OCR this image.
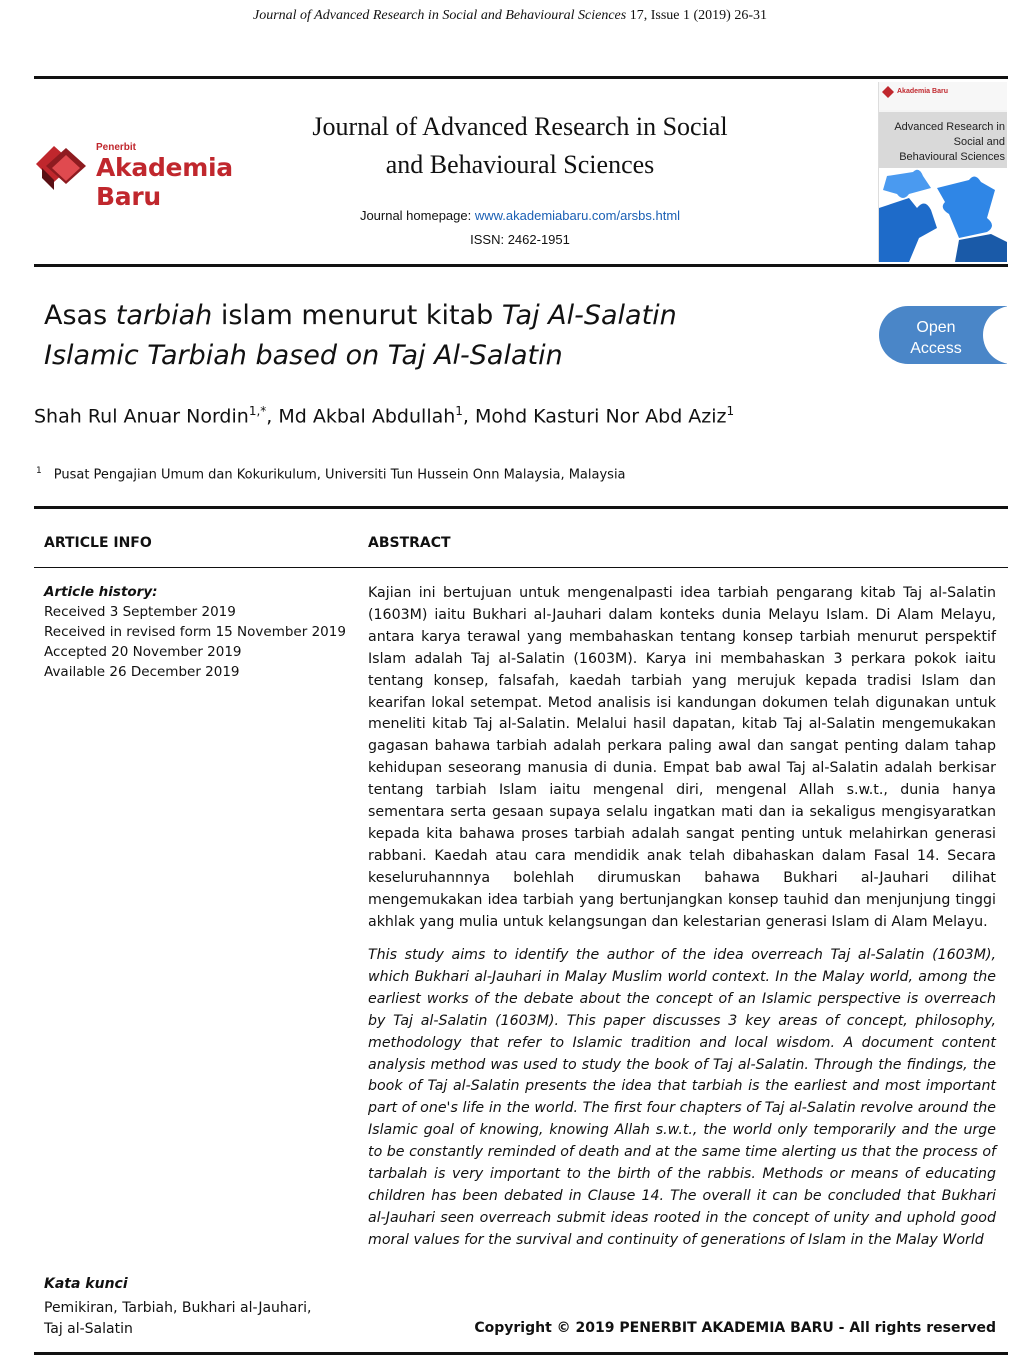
Journal of Advanced Research in Social and Behavioural Sciences 17, Issue 1 (2019) 26-31
Penerbit
Akademia Baru
Journal of Advanced Research in Social
and Behavioural Sciences
Journal homepage: www.akademiabaru.com/arsbs.html
ISSN: 2462-1951
Akademia Baru
Advanced Research in
Social and
Behavioural Sciences
Asas tarbiah islam menurut kitab Taj Al-Salatin
Islamic Tarbiah based on Taj Al-Salatin
Open
Access
Shah Rul Anuar Nordin$^{1,*}$, Md Akbal Abdullah$^1$, Mohd Kasturi Nor Abd Aziz$^1$
$^1$ Pusat Pengajian Umum dan Kokurikulum, Universiti Tun Hussein Onn Malaysia, Malaysia
ARTICLE INFO	ABSTRACT
Article history:
Received 3 September 2019
Received in revised form 15 November 2019
Accepted 20 November 2019
Available 26 December 2019

Kajian ini bertujuan untuk mengenalpasti idea tarbiah pengarang kitab Taj al-Salatin (1603M) iaitu Bukhari al-Jauhari dalam konteks dunia Melayu Islam. Di Alam Melayu, antara karya terawal yang membahaskan tentang konsep tarbiah menurut perspektif Islam adalah Taj al-Salatin (1603M). Karya ini membahaskan 3 perkara pokok iaitu tentang konsep, falsafah, kaedah tarbiah yang merujuk kepada tradisi Islam dan kearifan lokal setempat. Metod analisis isi kandungan dokumen telah digunakan untuk meneliti kitab Taj al-Salatin. Melalui hasil dapatan, kitab Taj al-Salatin mengemukakan gagasan bahawa tarbiah adalah perkara paling awal dan sangat penting dalam tahap kehidupan seseorang manusia di dunia. Empat bab awal Taj al-Salatin adalah berkisar tentang tarbiah Islam iaitu mengenal diri, mengenal Allah s.w.t., dunia hanya sementara serta gesaan supaya selalu ingatkan mati dan ia sekaligus mengisyaratkan kepada kita bahawa proses tarbiah adalah sangat penting untuk melahirkan generasi rabbani. Kaedah atau cara mendidik anak telah dibahaskan dalam Fasal 14. Secara keseluruhannnya bolehlah dirumuskan bahawa Bukhari al-Jauhari dilihat mengemukakan idea tarbiah yang bertunjangkan konsep tauhid dan menjunjung tinggi akhlak yang mulia untuk kelangsungan dan kelestarian generasi Islam di Alam Melayu.

This study aims to identify the author of the idea overreach Taj al-Salatin (1603M), which Bukhari al-Jauhari in Malay Muslim world context. In the Malay world, among the earliest works of the debate about the concept of an Islamic perspective is overreach by Taj al-Salatin (1603M). This paper discusses 3 key areas of concept, philosophy, methodology that refer to Islamic tradition and local wisdom. A document content analysis method was used to study the book of Taj al-Salatin. Through the findings, the book of Taj al-Salatin presents the idea that tarbiah is the earliest and most important part of one's life in the world. The first four chapters of Taj al-Salatin revolve around the Islamic goal of knowing, knowing Allah s.w.t., the world only temporarily and the urge to be constantly reminded of death and at the same time alerting us that the process of tarbalah is very important to the birth of the rabbis. Methods or means of educating children has been debated in Clause 14. The overall it can be concluded that Bukhari al-Jauhari seen overreach submit ideas rooted in the concept of unity and uphold good moral values for the survival and continuity of generations of Islam in the Malay World

Kata kunci
Pemikiran, Tarbiah, Bukhari al-Jauhari,
Taj al-Salatin	Copyright © 2019 PENERBIT AKADEMIA BARU - All rights reserved
